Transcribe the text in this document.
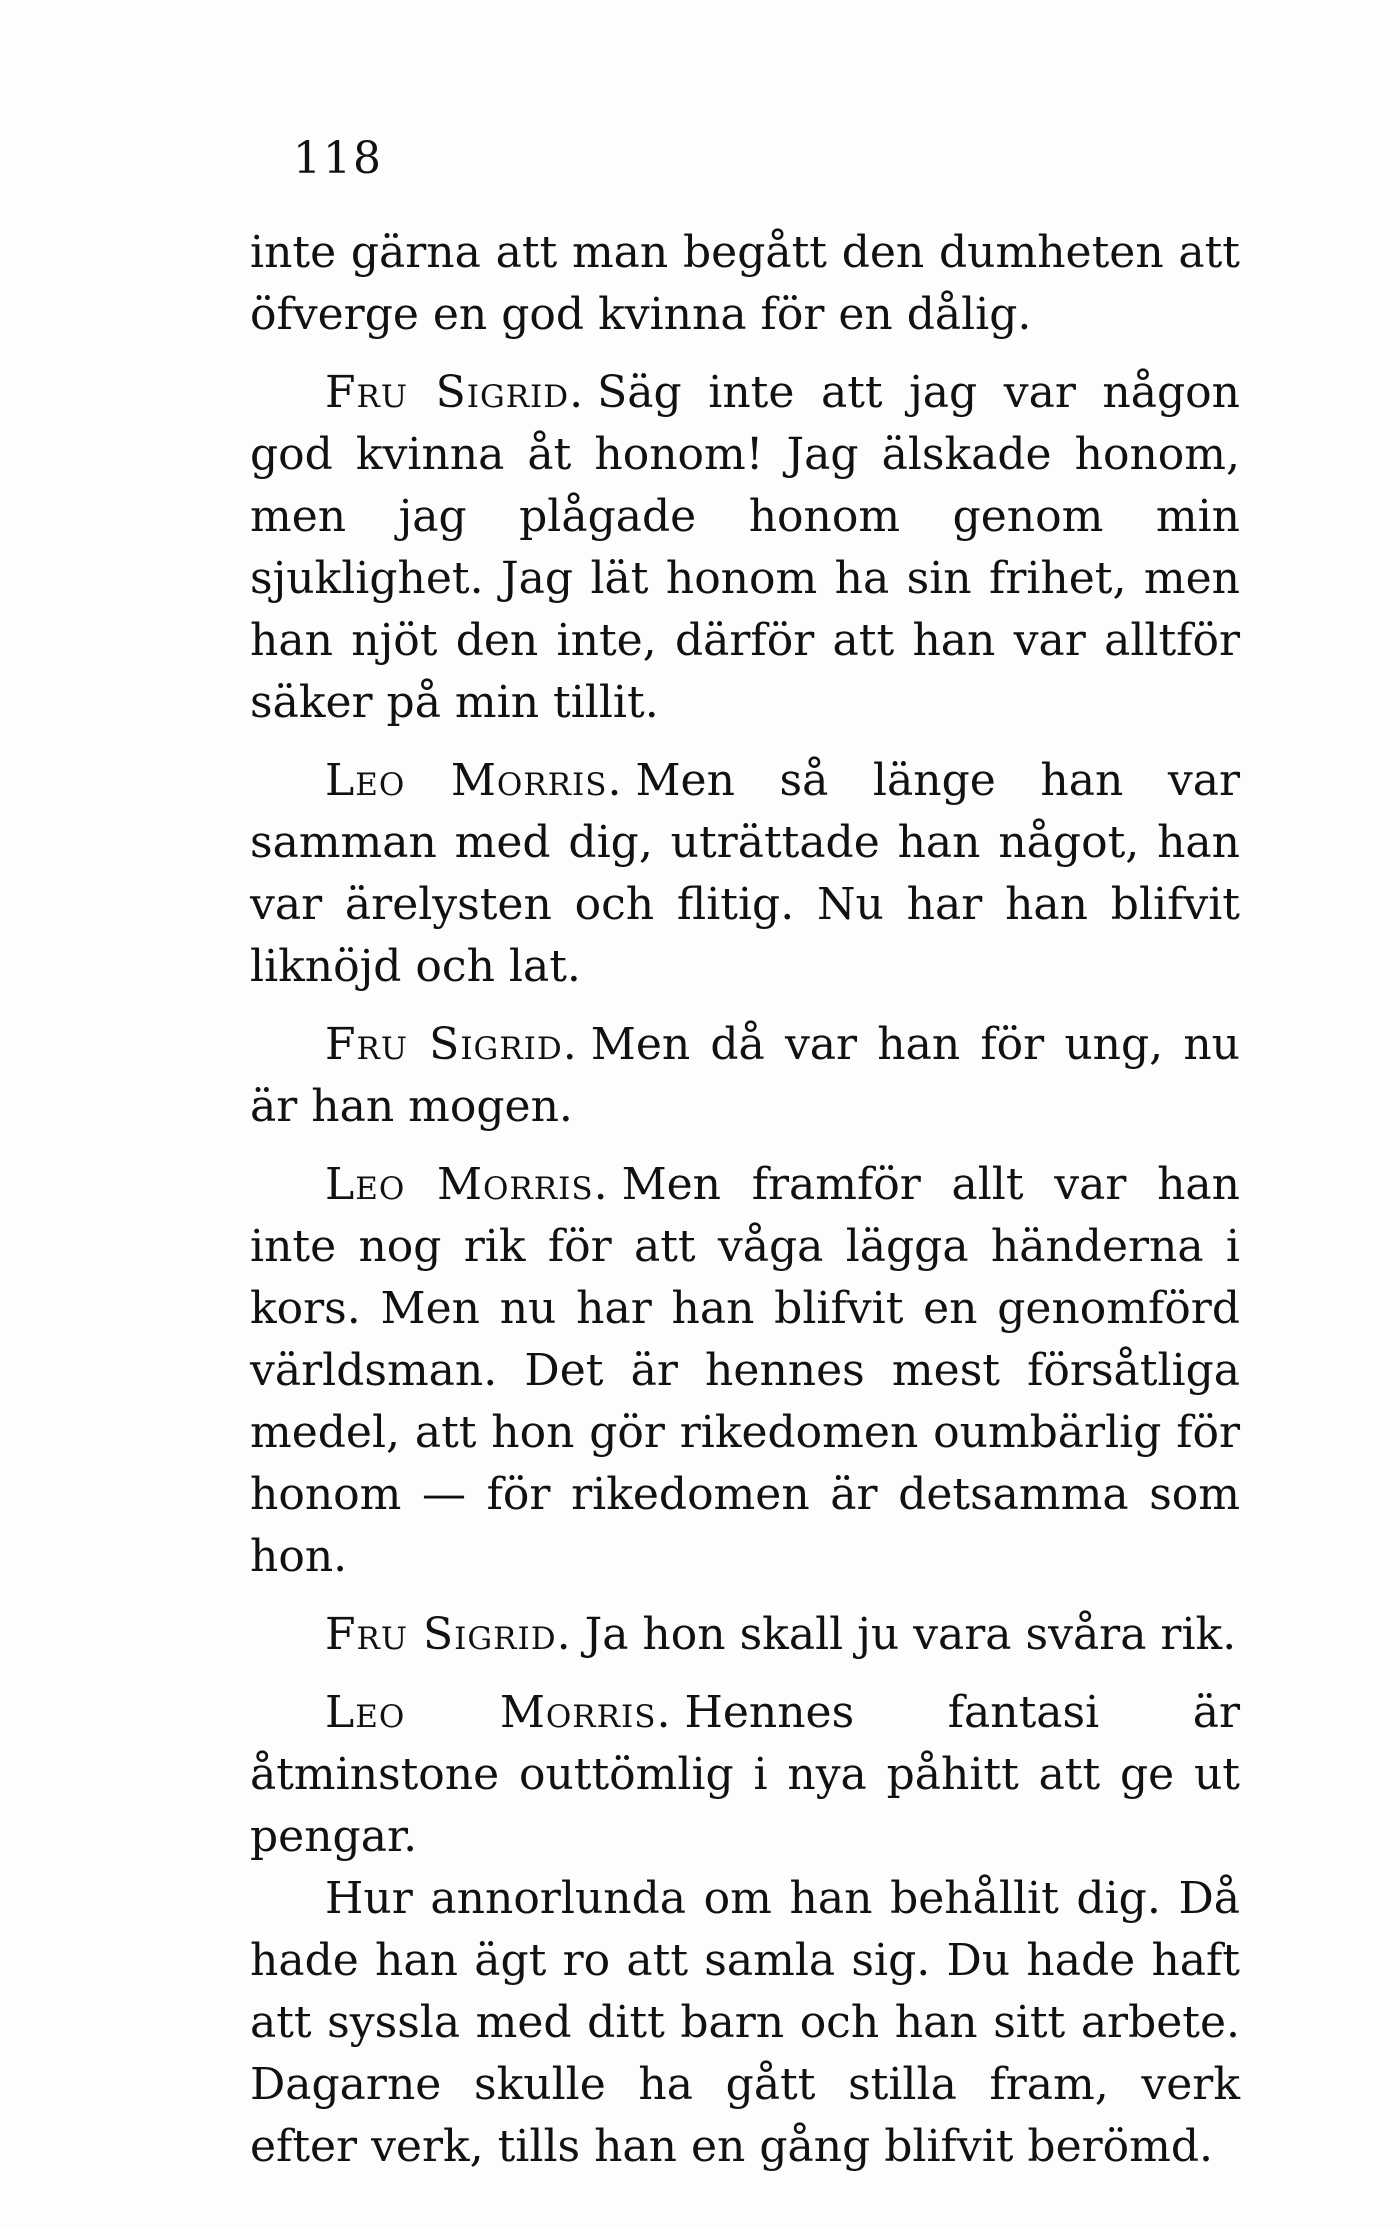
118

inte gärna att man begått den dumheten att öfverge en god kvinna för en dålig.

Fru Sigrid. Säg inte att jag var någon god kvinna åt honom! Jag älskade honom, men jag plågade honom genom min sjuklighet. Jag lät honom ha sin frihet, men han njöt den inte, därför att han var alltför säker på min tillit.

Leo Morris. Men så länge han var samman med dig, uträttade han något, han var ärelysten och flitig. Nu har han blifvit liknöjd och lat.

Fru Sigrid. Men då var han för ung, nu är han mogen.

Leo Morris. Men framför allt var han inte nog rik för att våga lägga händerna i kors. Men nu har han blifvit en genomförd världsman. Det är hennes mest försåtliga medel, att hon gör rikedomen oumbärlig för honom — för rikedomen är detsamma som hon.

Fru Sigrid. Ja hon skall ju vara svåra rik.

Leo Morris. Hennes fantasi är åtminstone outtömlig i nya påhitt att ge ut pengar.

Hur annorlunda om han behållit dig. Då hade han ägt ro att samla sig. Du hade haft att syssla med ditt barn och han sitt arbete. Dagarne skulle ha gått stilla fram, verk efter verk, tills han en gång blifvit berömd.
